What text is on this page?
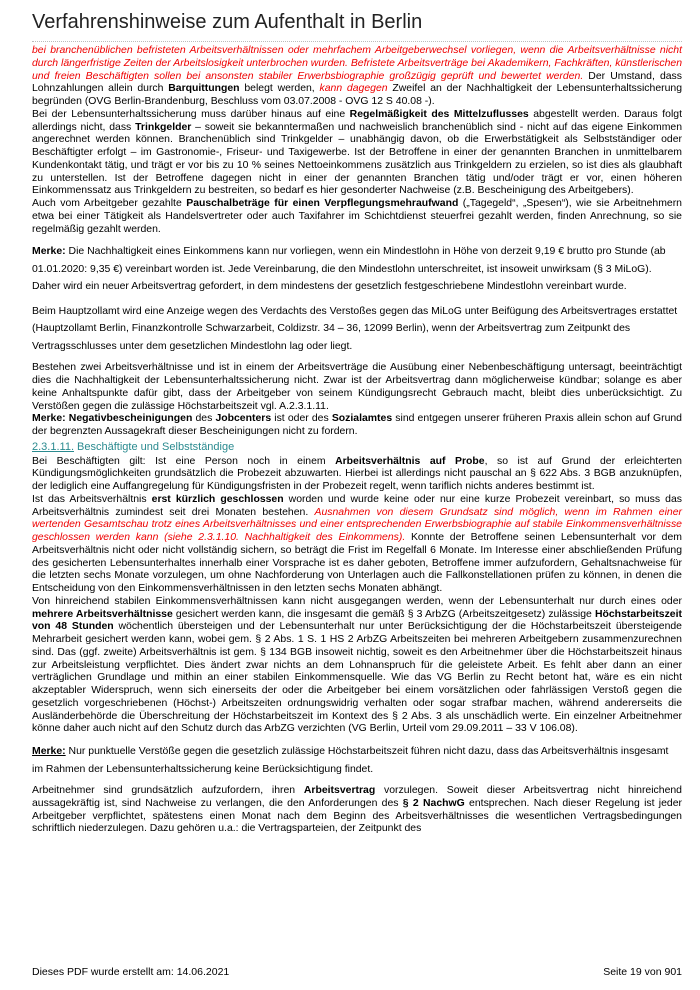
Verfahrenshinweise zum Aufenthalt in Berlin

bei branchenüblichen befristeten Arbeitsverhältnissen oder mehrfachem Arbeitgeberwechsel vorliegen, wenn die Arbeitsverhältnisse nicht durch längerfristige Zeiten der Arbeitslosigkeit unterbrochen wurden. Befristete Arbeitsverträge bei Akademikern, Fachkräften, künstlerischen und freien Beschäftigten sollen bei ansonsten stabiler Erwerbsbiographie großzügig geprüft und bewertet werden. Der Umstand, dass Lohnzahlungen allein durch Barquittungen belegt werden, kann dagegen Zweifel an der Nachhaltigkeit der Lebensunterhaltssicherung begründen (OVG Berlin-Brandenburg, Beschluss vom 03.07.2008 - OVG 12 S 40.08 -).

Bei der Lebensunterhaltssicherung muss darüber hinaus auf eine Regelmäßigkeit des Mittelzuflusses abgestellt werden. Daraus folgt allerdings nicht, dass Trinkgelder – soweit sie bekanntermaßen und nachweislich branchenüblich sind - nicht auf das eigene Einkommen angerechnet werden können. Branchenüblich sind Trinkgelder – unabhängig davon, ob die Erwerbstätigkeit als Selbstständiger oder Beschäftigter erfolgt – im Gastronomie-, Friseur- und Taxigewerbe. Ist der Betroffene in einer der genannten Branchen in unmittelbarem Kundenkontakt tätig, und trägt er vor bis zu 10 % seines Nettoeinkommens zusätzlich aus Trinkgeldern zu erzielen, so ist dies als glaubhaft zu unterstellen. Ist der Betroffene dagegen nicht in einer der genannten Branchen tätig und/oder trägt er vor, einen höheren Einkommenssatz aus Trinkgeldern zu bestreiten, so bedarf es hier gesonderter Nachweise (z.B. Bescheinigung des Arbeitgebers).

Auch vom Arbeitgeber gezahlte Pauschalbeträge für einen Verpflegungsmehraufwand („Tagegeld“, „Spesen“), wie sie Arbeitnehmern etwa bei einer Tätigkeit als Handelsvertreter oder auch Taxifahrer im Schichtdienst steuerfrei gezahlt werden, finden Anrechnung, so sie regelmäßig gezahlt werden.

Merke: Die Nachhaltigkeit eines Einkommens kann nur vorliegen, wenn ein Mindestlohn in Höhe von derzeit 9,19 € brutto pro Stunde (ab 01.01.2020: 9,35 €) vereinbart worden ist. Jede Vereinbarung, die den Mindestlohn unterschreitet, ist insoweit unwirksam (§ 3 MiLoG). Daher wird ein neuer Arbeitsvertrag gefordert, in dem mindestens der gesetzlich festgeschriebene Mindestlohn vereinbart wurde.

Beim Hauptzollamt wird eine Anzeige wegen des Verdachts des Verstoßes gegen das MiLoG unter Beifügung des Arbeitsvertrages erstattet (Hauptzollamt Berlin, Finanzkontrolle Schwarzarbeit, Coldizstr. 34 – 36, 12099 Berlin), wenn der Arbeitsvertrag zum Zeitpunkt des Vertragsschlusses unter dem gesetzlichen Mindestlohn lag oder liegt.

Bestehen zwei Arbeitsverhältnisse und ist in einem der Arbeitsverträge die Ausübung einer Nebenbeschäftigung untersagt, beeinträchtigt dies die Nachhaltigkeit der Lebensunterhaltssicherung nicht. Zwar ist der Arbeitsvertrag dann möglicherweise kündbar; solange es aber keine Anhaltspunkte dafür gibt, dass der Arbeitgeber von seinem Kündigungsrecht Gebrauch macht, bleibt dies unberücksichtigt. Zu Verstößen gegen die zulässige Höchstarbeitszeit vgl. A.2.3.1.11.

Merke: Negativbescheinigungen des Jobcenters ist oder des Sozialamtes sind entgegen unserer früheren Praxis allein schon auf Grund der begrenzten Aussagekraft dieser Bescheinigungen nicht zu fordern.

2.3.1.11. Beschäftigte und Selbstständige

Bei Beschäftigten gilt: Ist eine Person noch in einem Arbeitsverhältnis auf Probe, so ist auf Grund der erleichterten Kündigungsmöglichkeiten grundsätzlich die Probezeit abzuwarten. Hierbei ist allerdings nicht pauschal an § 622 Abs. 3 BGB anzuknüpfen, der lediglich eine Auffangregelung für Kündigungsfristen in der Probezeit regelt, wenn tariflich nichts anderes bestimmt ist.

Ist das Arbeitsverhältnis erst kürzlich geschlossen worden und wurde keine oder nur eine kurze Probezeit vereinbart, so muss das Arbeitsverhältnis zumindest seit drei Monaten bestehen. Ausnahmen von diesem Grundsatz sind möglich, wenn im Rahmen einer wertenden Gesamtschau trotz eines Arbeitsverhältnisses und einer entsprechenden Erwerbsbiographie auf stabile Einkommensverhältnisse geschlossen werden kann (siehe 2.3.1.10. Nachhaltigkeit des Einkommens). Konnte der Betroffene seinen Lebensunterhalt vor dem Arbeitsverhältnis nicht oder nicht vollständig sichern, so beträgt die Frist im Regelfall 6 Monate. Im Interesse einer abschließenden Prüfung des gesicherten Lebensunterhaltes innerhalb einer Vorsprache ist es daher geboten, Betroffene immer aufzufordern, Gehaltsnachweise für die letzten sechs Monate vorzulegen, um ohne Nachforderung von Unterlagen auch die Fallkonstellationen prüfen zu können, in denen die Entscheidung von den Einkommensverhältnissen in den letzten sechs Monaten abhängt.

Von hinreichend stabilen Einkommensverhältnissen kann nicht ausgegangen werden, wenn der Lebensunterhalt nur durch eines oder mehrere Arbeitsverhältnisse gesichert werden kann, die insgesamt die gemäß § 3 ArbZG (Arbeitszeitgesetz) zulässige Höchstarbeitszeit von 48 Stunden wöchentlich übersteigen und der Lebensunterhalt nur unter Berücksichtigung der die Höchstarbeitszeit übersteigende Mehrarbeit gesichert werden kann, wobei gem. § 2 Abs. 1 S. 1 HS 2 ArbZG Arbeitszeiten bei mehreren Arbeitgebern zusammenzurechnen sind. Das (ggf. zweite) Arbeitsverhältnis ist gem. § 134 BGB insoweit nichtig, soweit es den Arbeitnehmer über die Höchstarbeitszeit hinaus zur Arbeitsleistung verpflichtet. Dies ändert zwar nichts an dem Lohnanspruch für die geleistete Arbeit. Es fehlt aber dann an einer verträglichen Grundlage und mithin an einer stabilen Einkommensquelle. Wie das VG Berlin zu Recht betont hat, wäre es ein nicht akzeptabler Widerspruch, wenn sich einerseits der oder die Arbeitgeber bei einem vorsätzlichen oder fahrlässigen Verstoß gegen die gesetzlich vorgeschriebenen (Höchst-) Arbeitszeiten ordnungswidrig verhalten oder sogar strafbar machen, während andererseits die Ausländerbehörde die Überschreitung der Höchstarbeitszeit im Kontext des § 2 Abs. 3 als unschädlich werte. Ein einzelner Arbeitnehmer könne daher auch nicht auf den Schutz durch das ArbZG verzichten (VG Berlin, Urteil vom 29.09.2011 – 33 V 106.08).

Merke: Nur punktuelle Verstöße gegen die gesetzlich zulässige Höchstarbeitszeit führen nicht dazu, dass das Arbeitsverhältnis insgesamt im Rahmen der Lebensunterhaltssicherung keine Berücksichtigung findet.

Arbeitnehmer sind grundsätzlich aufzufordern, ihren Arbeitsvertrag vorzulegen. Soweit dieser Arbeitsvertrag nicht hinreichend aussagekräftig ist, sind Nachweise zu verlangen, die den Anforderungen des § 2 NachwG entsprechen. Nach dieser Regelung ist jeder Arbeitgeber verpflichtet, spätestens einen Monat nach dem Beginn des Arbeitsverhältnisses die wesentlichen Vertragsbedingungen schriftlich niederzulegen. Dazu gehören u.a.: die Vertragsparteien, der Zeitpunkt des

Dieses PDF wurde erstellt am: 14.06.2021	Seite 19 von 901
